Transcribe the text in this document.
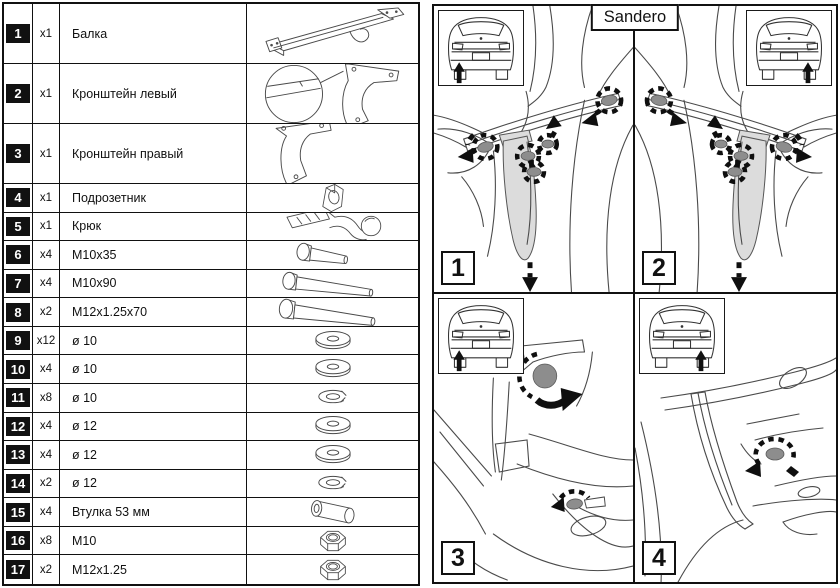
1	x1 Балка
2	x1 Кронштейн левый
3	x1 Кронштейн правый
4	x1 Подрозетник
5	x1 Крюк
6	x4 M10x35
7	x4 M10x90
8	x2 M12x1.25x70
9	x12 ø 10
10	x4 ø 10
11	x8 ø 10
12	x4 ø 12
13	x4 ø 12
14	x2 ø 12
15	x4 Втулка 53 мм
16	x8 M10
17	x2 M12x1.25
Sandero
1	2
3	4
